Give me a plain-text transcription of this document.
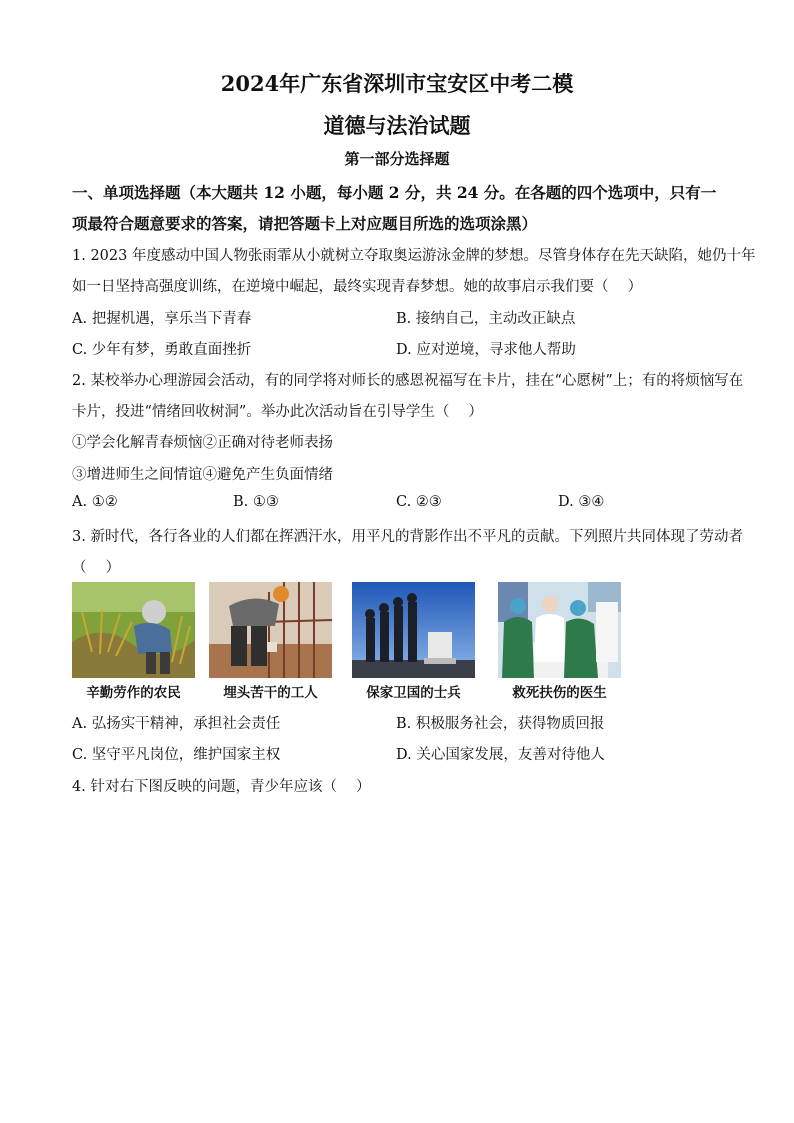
2024年广东省深圳市宝安区中考二模
道德与法治试题
第一部分选择题
一、单项选择题（本大题共 12 小题，每小题 2 分，共 24 分。在各题的四个选项中，只有一
项最符合题意要求的答案，请把答题卡上对应题目所选的选项涂黑）
1. 2023 年度感动中国人物张雨霏从小就树立夺取奥运游泳金牌的梦想。尽管身体存在先天缺陷，她仍十年
如一日坚持高强度训练，在逆境中崛起，最终实现青春梦想。她的故事启示我们要（　 ）
A. 把握机遇，享乐当下青春	B. 接纳自己，主动改正缺点
C. 少年有梦，勇敢直面挫折	D. 应对逆境，寻求他人帮助
2. 某校举办心理游园会活动，有的同学将对师长的感恩祝福写在卡片，挂在“心愿树”上；有的将烦恼写在
卡片，投进“情绪回收树洞”。举办此次活动旨在引导学生（　 ）
①学会化解青春烦恼②正确对待老师表扬
③增进师生之间情谊④避免产生负面情绪
A. ①②	B. ①③	C. ②③	D. ③④
3. 新时代，各行各业的人们都在挥洒汗水，用平凡的背影作出不平凡的贡献。下列照片共同体现了劳动者
（　 ）
辛勤劳作的农民	埋头苦干的工人	保家卫国的士兵	救死扶伤的医生
A. 弘扬实干精神，承担社会责任	B. 积极服务社会，获得物质回报
C. 坚守平凡岗位，维护国家主权	D. 关心国家发展，友善对待他人
4. 针对右下图反映的问题，青少年应该（　 ）
